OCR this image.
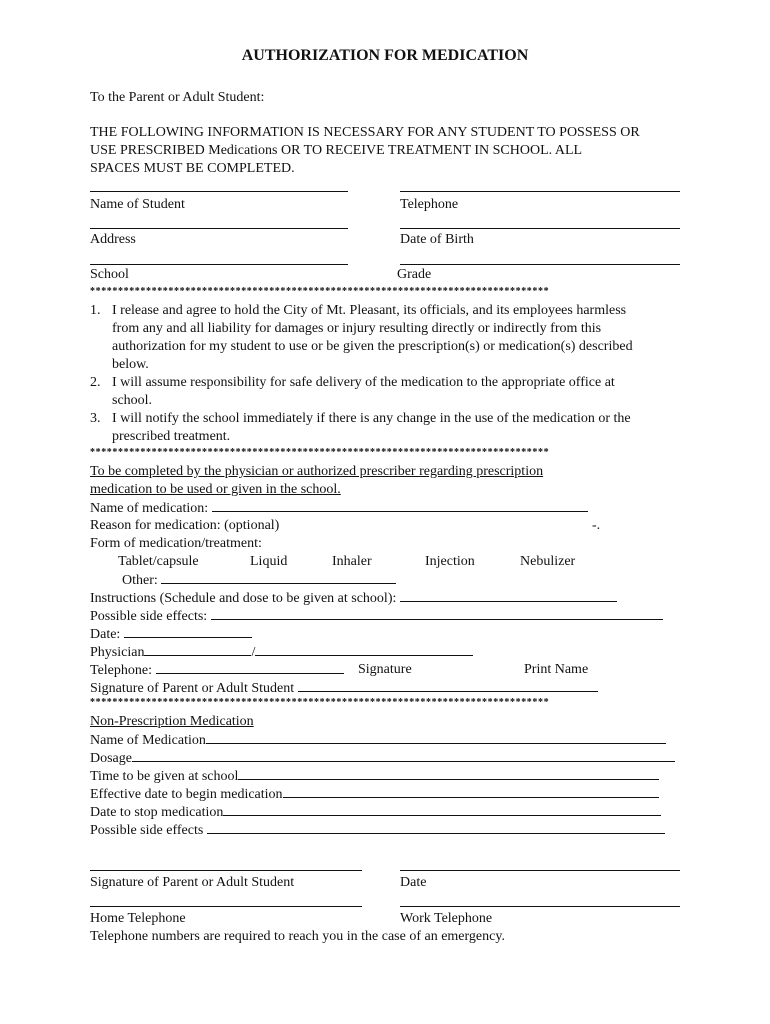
AUTHORIZATION FOR MEDICATION
To the Parent or Adult Student:
THE FOLLOWING INFORMATION IS NECESSARY FOR ANY STUDENT TO POSSESS OR
USE PRESCRIBED Medications OR TO RECEIVE TREATMENT IN SCHOOL. ALL
SPACES MUST BE COMPLETED.
Name of Student	Telephone
Address	Date of Birth
School	Grade
**********************************************************************************
1. I release and agree to hold the City of Mt. Pleasant, its officials, and its employees harmless
from any and all liability for damages or injury resulting directly or indirectly from this
authorization for my student to use or be given the prescription(s) or medication(s) described
below.
2. I will assume responsibility for safe delivery of the medication to the appropriate office at
school.
3. I will notify the school immediately if there is any change in the use of the medication or the
prescribed treatment.
**********************************************************************************
To be completed by the physician or authorized prescriber regarding prescription
medication to be used or given in the school.
Name of medication:
Reason for medication: (optional)	-.
Form of medication/treatment:
Tablet/capsule	Liquid	Inhaler	Injection	Nebulizer
Other:
Instructions (Schedule and dose to be given at school):
Possible side effects:
Date:
Physician	/
Telephone:	Signature	Print Name
Signature of Parent or Adult Student
**********************************************************************************
Non-Prescription Medication
Name of Medication
Dosage
Time to be given at school
Effective date to begin medication
Date to stop medication
Possible side effects
Signature of Parent or Adult Student	Date
Home Telephone	Work Telephone
Telephone numbers are required to reach you in the case of an emergency.
